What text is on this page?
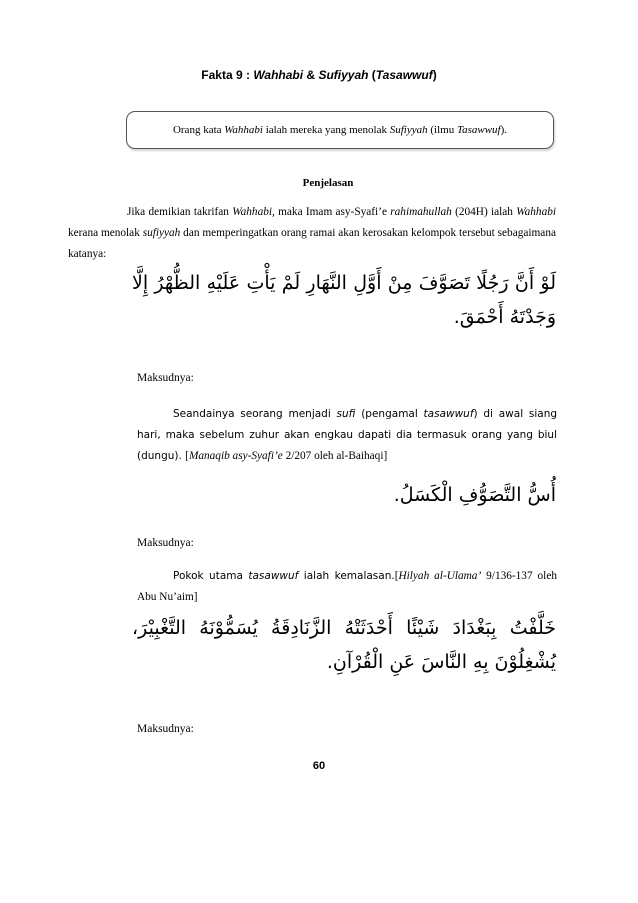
Fakta 9 : Wahhabi & Sufiyyah (Tasawwuf)
Orang kata Wahhabi ialah mereka yang menolak Sufiyyah (ilmu Tasawwuf).
Penjelasan
Jika demikian takrifan Wahhabi, maka Imam asy-Syafi’e rahimahullah (204H) ialah Wahhabi kerana menolak sufiyyah dan memperingatkan orang ramai akan kerosakan kelompok tersebut sebagaimana katanya:
لَوْ أَنَّ رَجُلًا تَصَوَّفَ مِنْ أَوَّلِ النَّهَارِ لَمْ يَأْتِ عَلَيْهِ الظُّهْرُ إِلَّا وَجَدْتَهُ أَحْمَقَ.
Maksudnya:
Seandainya seorang menjadi sufi (pengamal tasawwuf) di awal siang hari, maka sebelum zuhur akan engkau dapati dia termasuk orang yang biul (dungu). [Manaqib asy-Syafi’e 2/207 oleh al-Baihaqi]
أُسُّ التَّصَوُّفِ الْكَسَلُ.
Maksudnya:
Pokok utama tasawwuf ialah kemalasan.[Hilyah al-Ulama’ 9/136-137 oleh Abu Nu’aim]
خَلَّفْتُ بِبَغْدَادَ شَيْئًا أَحْدَثَتْهُ الزَّنَادِقَةُ يُسَمُّوْنَهُ التَّغْبِيْرَ، يُشْغِلُوْنَ بِهِ النَّاسَ عَنِ الْقُرْآنِ.
Maksudnya:
60
